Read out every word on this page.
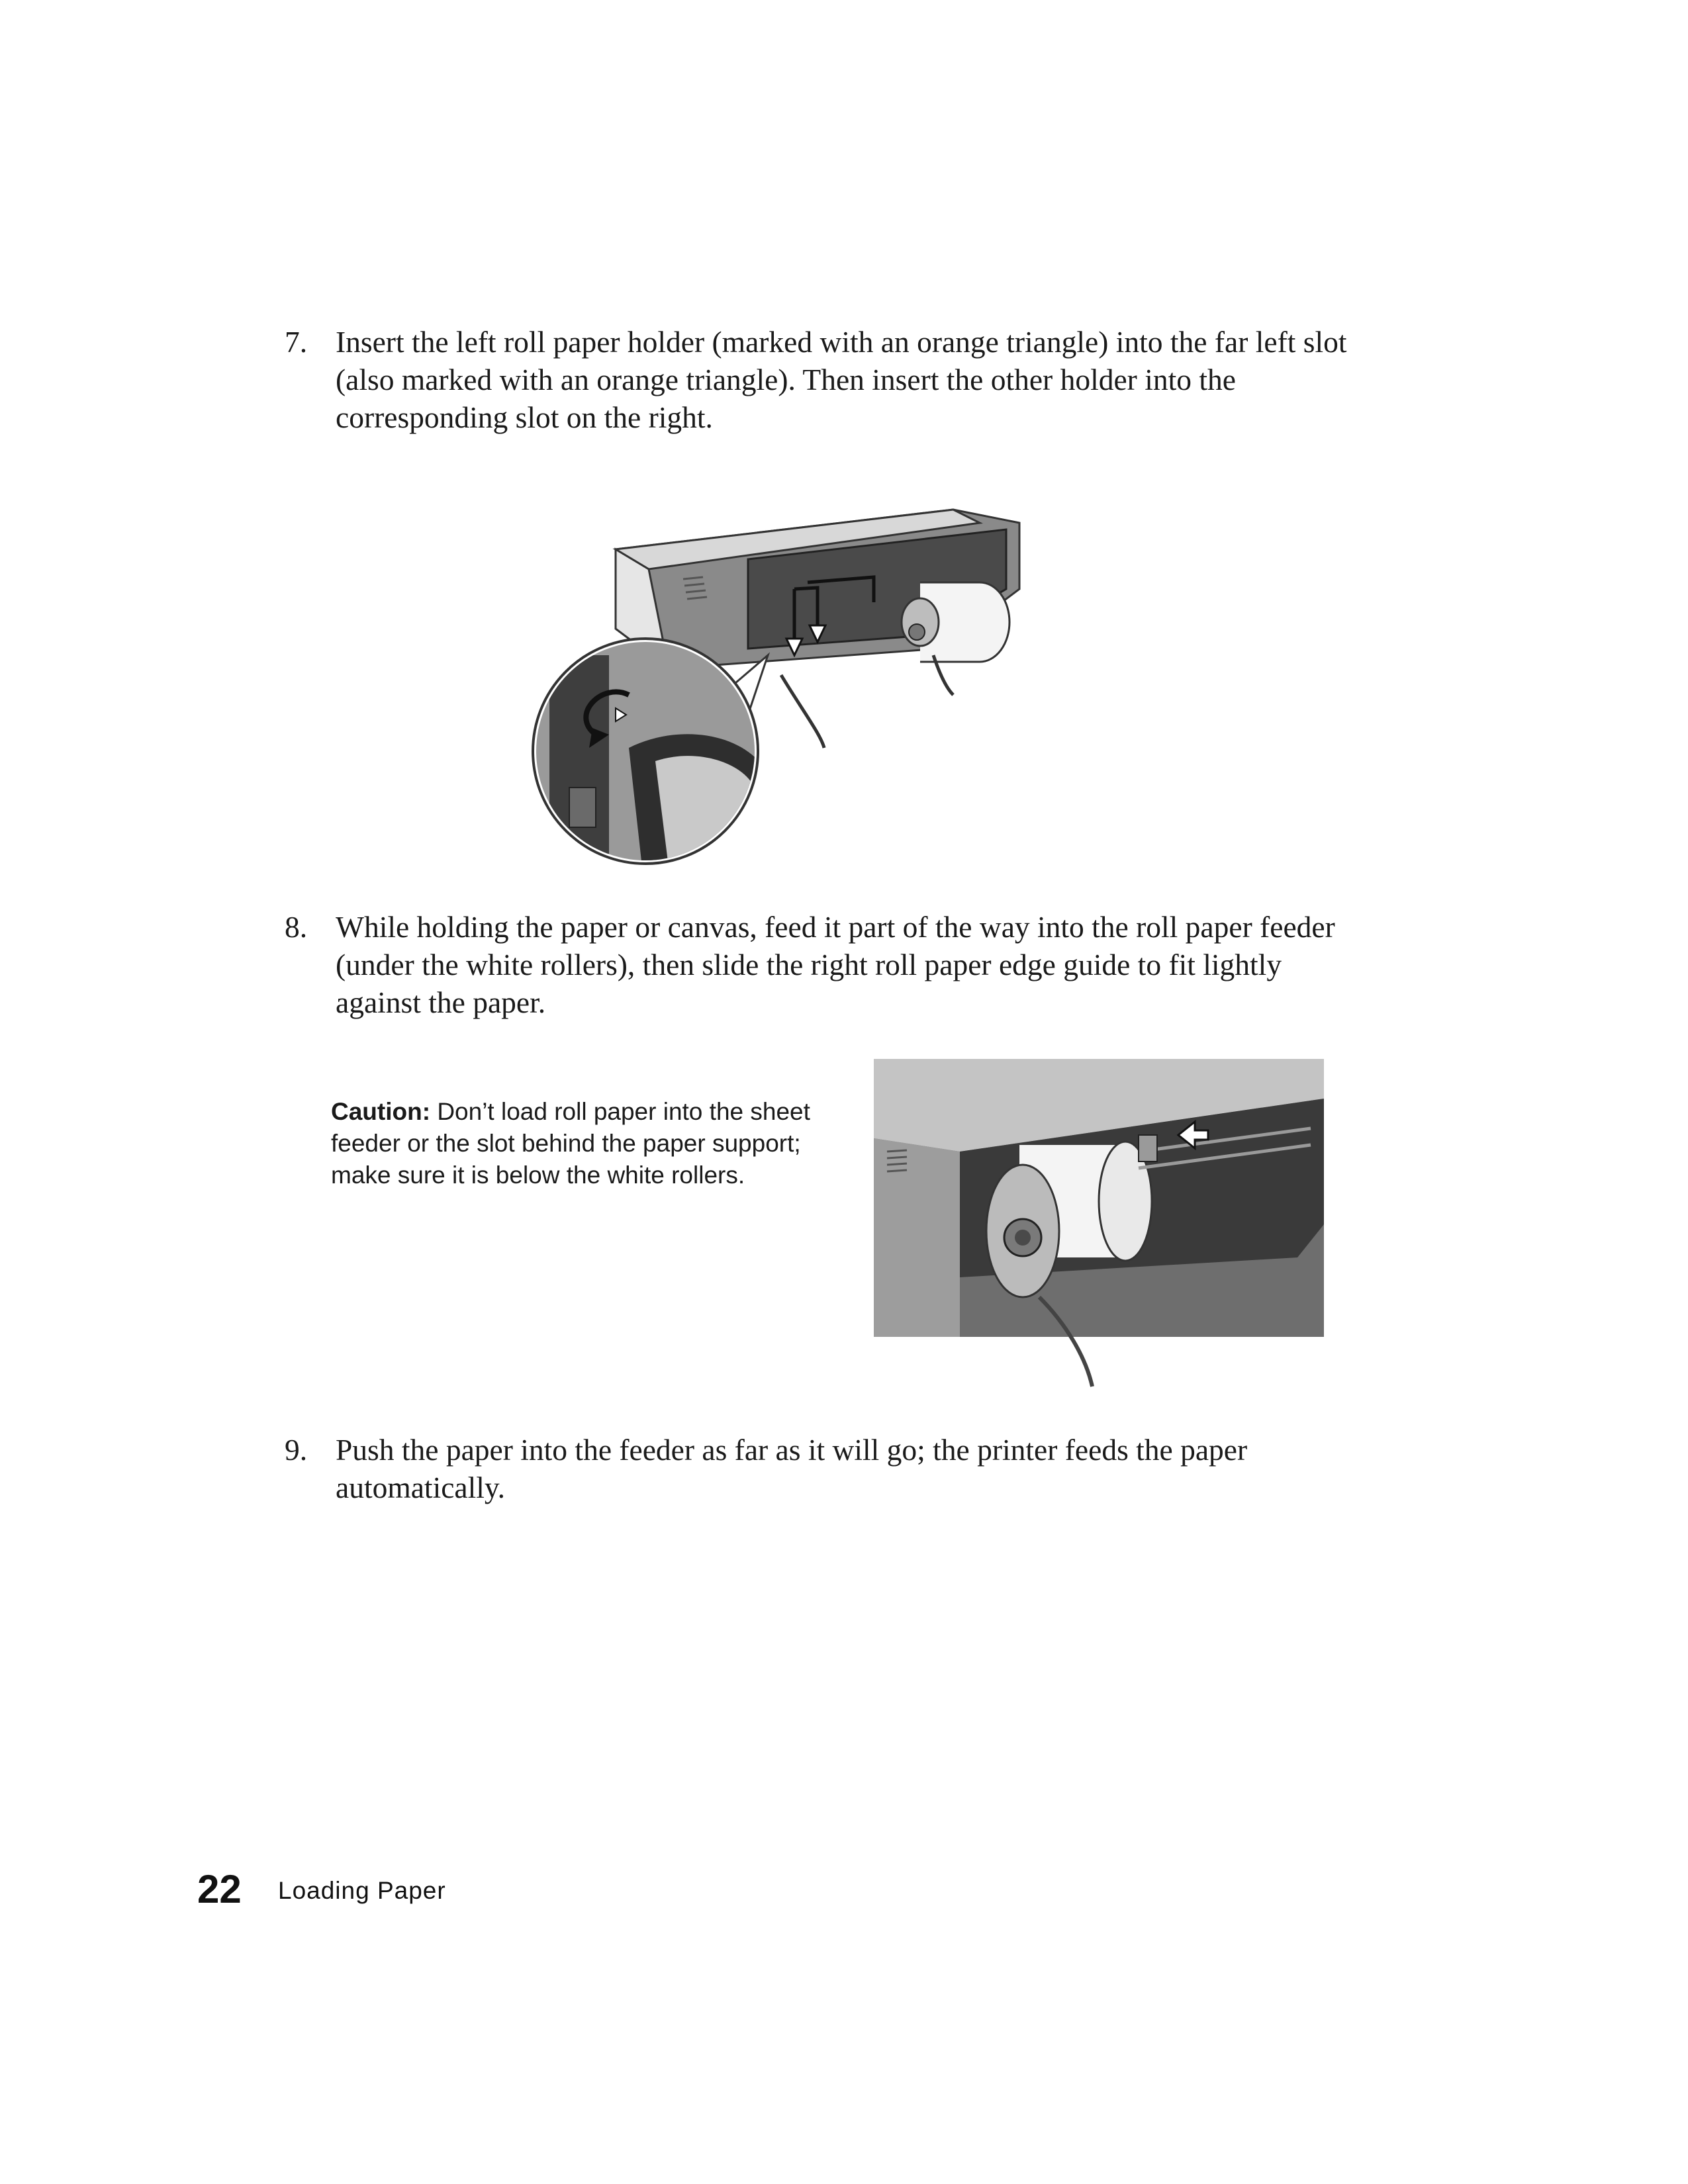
7. Insert the left roll paper holder (marked with an orange triangle) into the far left slot (also marked with an orange triangle). Then insert the other holder into the corresponding slot on the right.
8. While holding the paper or canvas, feed it part of the way into the roll paper feeder (under the white rollers), then slide the right roll paper edge guide to fit lightly against the paper.
Caution: Don’t load roll paper into the sheet feeder or the slot behind the paper support; make sure it is below the white rollers.
9. Push the paper into the feeder as far as it will go; the printer feeds the paper automatically.
22 Loading Paper
